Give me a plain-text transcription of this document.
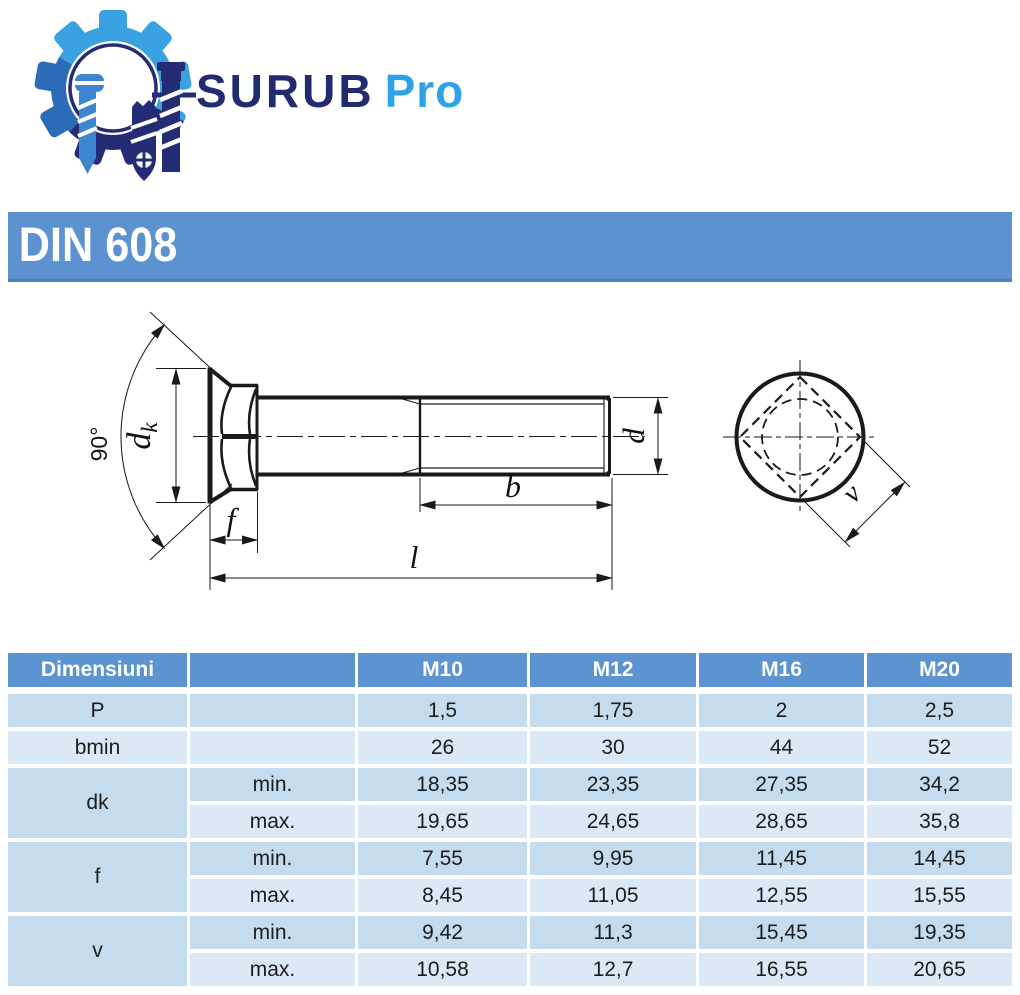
SURUB Pro
DIN 608
90° $d_k$
f
b
l
d
v
Dimensiuni		M10	M12	M16	M20
P		1,5	1,75	2	2,5
bmin		26	30	44	52
dk	min.	18,35	23,35	27,35	34,2
	max.	19,65	24,65	28,65	35,8
f	min.	7,55	9,95	11,45	14,45
	max.	8,45	11,05	12,55	15,55
v	min.	9,42	11,3	15,45	19,35
	max.	10,58	12,7	16,55	20,65
